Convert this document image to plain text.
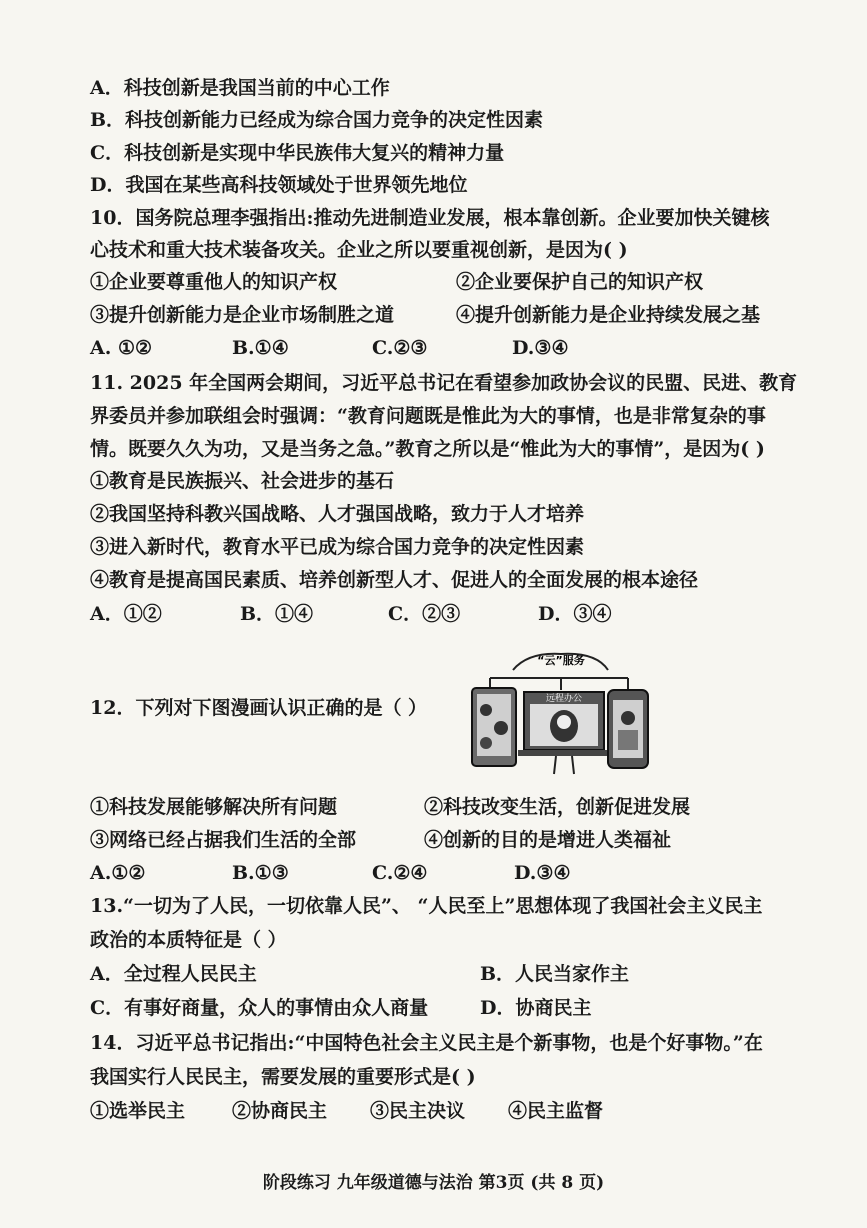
A．科技创新是我国当前的中心工作
B．科技创新能力已经成为综合国力竞争的决定性因素
C．科技创新是实现中华民族伟大复兴的精神力量
D．我国在某些高科技领域处于世界领先地位
10．国务院总理李强指出:推动先进制造业发展，根本靠创新。企业要加快关键核
心技术和重大技术装备攻关。企业之所以要重视创新，是因为( )
①企业要尊重他人的知识产权	②企业要保护自己的知识产权
③提升创新能力是企业市场制胜之道	④提升创新能力是企业持续发展之基
A. ①②	B.①④	C.②③	D.③④
11. 2025 年全国两会期间，习近平总书记在看望参加政协会议的民盟、民进、教育
界委员并参加联组会时强调：“教育问题既是惟此为大的事情，也是非常复杂的事
情。既要久久为功，又是当务之急。”教育之所以是“惟此为大的事情”，是因为( )
①教育是民族振兴、社会进步的基石
②我国坚持科教兴国战略、人才强国战略，致力于人才培养
③进入新时代，教育水平已成为综合国力竞争的决定性因素
④教育是提高国民素质、培养创新型人才、促进人的全面发展的根本途径
A．①②	B．①④	C．②③	D．③④
12．下列对下图漫画认识正确的是（ ）
“云”服务
远程办公
①科技发展能够解决所有问题	②科技改变生活，创新促进发展
③网络已经占据我们生活的全部	④创新的目的是增进人类福祉
A.①②	B.①③	C.②④	D.③④
13.“一切为了人民，一切依靠人民”、 “人民至上”思想体现了我国社会主义民主
政治的本质特征是（ ）
A．全过程人民民主	B．人民当家作主
C．有事好商量，众人的事情由众人商量	D．协商民主
14．习近平总书记指出:“中国特色社会主义民主是个新事物，也是个好事物。”在
我国实行人民民主，需要发展的重要形式是( )
①选举民主 ②协商民主 ③民主决议 ④民主监督
阶段练习 九年级道德与法治 第3页 (共 8 页)
